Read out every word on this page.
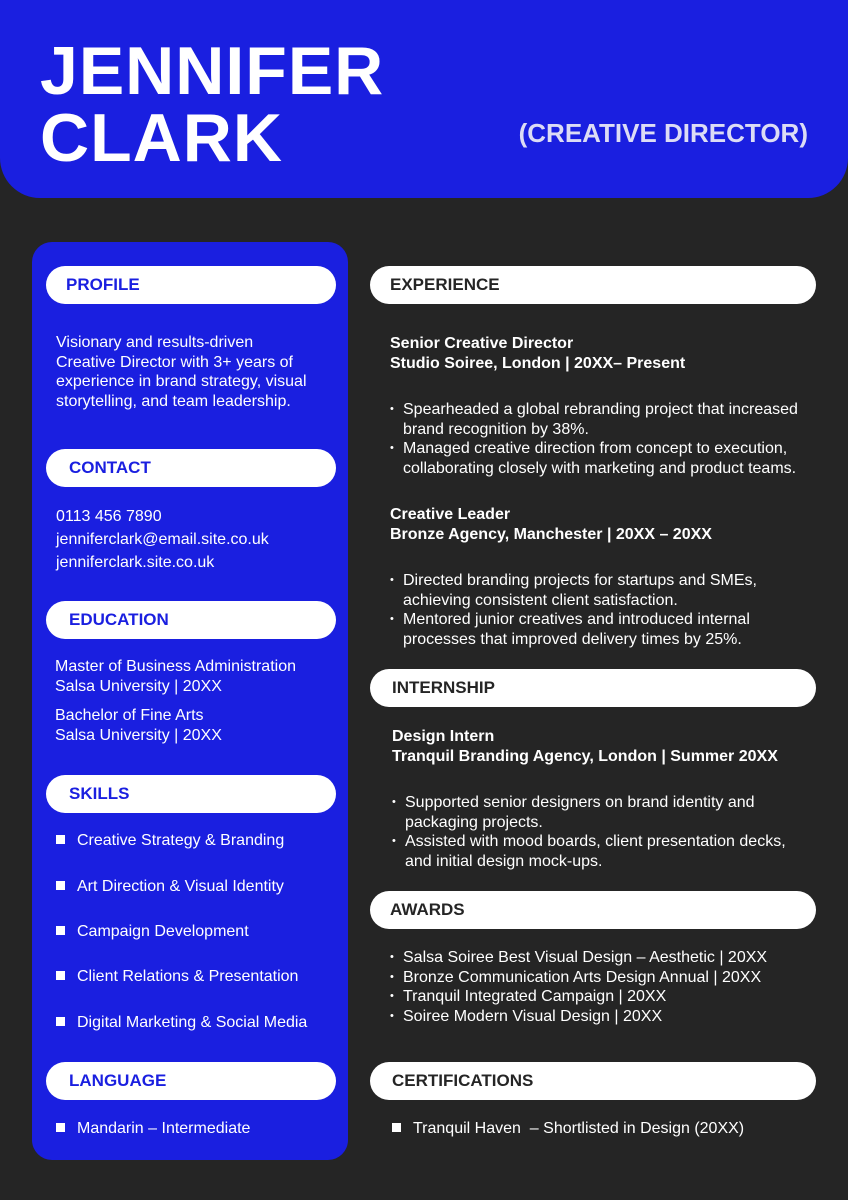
JENNIFER
CLARK	(CREATIVE DIRECTOR)
PROFILE
Visionary and results-driven
Creative Director with 3+ years of
experience in brand strategy, visual
storytelling, and team leadership.
CONTACT
0113 456 7890
jenniferclark@email.site.co.uk
jenniferclark.site.co.uk
EDUCATION
Master of Business Administration
Salsa University | 20XX
Bachelor of Fine Arts
Salsa University | 20XX
SKILLS
Creative Strategy & Branding
Art Direction & Visual Identity
Campaign Development
Client Relations & Presentation
Digital Marketing & Social Media
LANGUAGE
Mandarin – Intermediate
EXPERIENCE
Senior Creative Director
Studio Soiree, London | 20XX– Present
• Spearheaded a global rebranding project that increased
brand recognition by 38%.
• Managed creative direction from concept to execution,
collaborating closely with marketing and product teams.
Creative Leader
Bronze Agency, Manchester | 20XX – 20XX
• Directed branding projects for startups and SMEs,
achieving consistent client satisfaction.
• Mentored junior creatives and introduced internal
processes that improved delivery times by 25%.
INTERNSHIP
Design Intern
Tranquil Branding Agency, London | Summer 20XX
• Supported senior designers on brand identity and
packaging projects.
• Assisted with mood boards, client presentation decks,
and initial design mock-ups.
AWARDS
• Salsa Soiree Best Visual Design – Aesthetic | 20XX
• Bronze Communication Arts Design Annual | 20XX
• Tranquil Integrated Campaign | 20XX
• Soiree Modern Visual Design | 20XX
CERTIFICATIONS
Tranquil Haven  – Shortlisted in Design (20XX)
